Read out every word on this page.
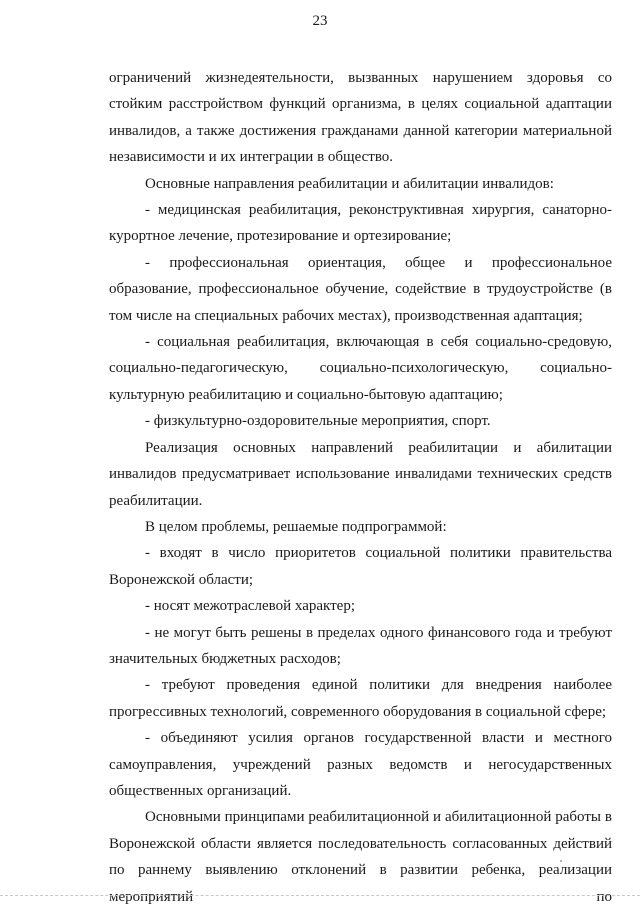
23

ограничений жизнедеятельности, вызванных нарушением здоровья со стойким расстройством функций организма, в целях социальной адаптации инвалидов, а также достижения гражданами данной категории материальной независимости и их интеграции в общество.

Основные направления реабилитации и абилитации инвалидов:

- медицинская реабилитация, реконструктивная хирургия, санаторно-курортное лечение, протезирование и ортезирование;

- профессиональная ориентация, общее и профессиональное образование, профессиональное обучение, содействие в трудоустройстве (в том числе на специальных рабочих местах), производственная адаптация;

- социальная реабилитация, включающая в себя социально-средовую, социально-педагогическую, социально-психологическую, социально-культурную реабилитацию и социально-бытовую адаптацию;

- физкультурно-оздоровительные мероприятия, спорт.

Реализация основных направлений реабилитации и абилитации инвалидов предусматривает использование инвалидами технических средств реабилитации.

В целом проблемы, решаемые подпрограммой:

- входят в число приоритетов социальной политики правительства Воронежской области;

- носят межотраслевой характер;

- не могут быть решены в пределах одного финансового года и требуют значительных бюджетных расходов;

- требуют проведения единой политики для внедрения наиболее прогрессивных технологий, современного оборудования в социальной сфере;

- объединяют усилия органов государственной власти и местного самоуправления, учреждений разных ведомств и негосударственных общественных организаций.

Основными принципами реабилитационной и абилитационной работы в Воронежской области является последовательность согласованных действий по раннему выявлению отклонений в развитии ребенка, реализации мероприятий по
